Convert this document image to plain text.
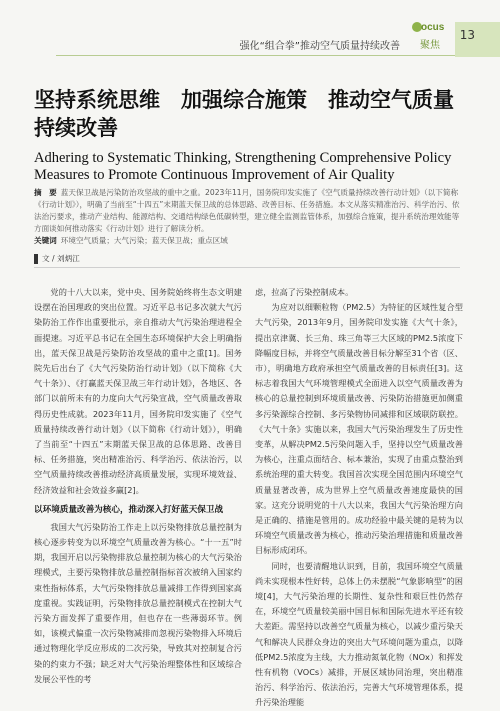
强化“组合拳”推动空气质量持续改善
ocus
聚焦
13
坚持系统思维　加强综合施策　推动空气质量持续改善
Adhering to Systematic Thinking, Strengthening Comprehensive Policy Measures to Promote Continuous Improvement of Air Quality
摘　要 蓝天保卫战是污染防治攻坚战的重中之重。2023年11月，国务院印发实施了《空气质量持续改善行动计划》（以下简称《行动计划》），明确了当前至“十四五”末期蓝天保卫战的总体思路、改善目标、任务措施。本文从落实精准治污、科学治污、依法治污要求，推动产业结构、能源结构、交通结构绿色低碳转型，建立健全监测监管体系，加强综合施策，提升系统治理效能等方面谈如何推动落实《行动计划》进行了解读分析。
关键词 环境空气质量；大气污染；蓝天保卫战；重点区域
文 / 刘炳江

党的十八大以来，党中央、国务院始终将生态文明建设摆在治国理政的突出位置。习近平总书记多次就大气污染防治工作作出重要批示，亲自推动大气污染治理进程全面提速。习近平总书记在全国生态环境保护大会上明确指出，蓝天保卫战是污染防治攻坚战的重中之重[1]。国务院先后出台了《大气污染防治行动计划》（以下简称《大气十条》）、《打赢蓝天保卫战三年行动计划》，各地区、各部门以前所未有的力度向大气污染宣战，空气质量改善取得历史性成就。2023年11月，国务院印发实施了《空气质量持续改善行动计划》（以下简称《行动计划》），明确了当前至“十四五”末期蓝天保卫战的总体思路、改善目标、任务措施，突出精准治污、科学治污、依法治污，以空气质量持续改善推动经济高质量发展，实现环境效益、经济效益和社会效益多赢[2]。

以环境质量改善为核心，推动深入打好蓝天保卫战

我国大气污染防治工作走上以污染物排放总量控制为核心逐步转变为以环境空气质量改善为核心。“十一五”时期，我国开启以污染物排放总量控制为核心的大气污染治理模式，主要污染物排放总量控制指标首次被纳入国家约束性指标体系，大气污染物排放总量减排工作得到国家高度重视。实践证明，污染物排放总量控制模式在控制大气污染方面发挥了重要作用，但也存在一些薄弱环节。例如，该模式偏重一次污染物减排而忽视污染物排入环境后通过物理化学反应形成的二次污染，导致其对控制复合污染的约束力不强；缺乏对大气污染治理整体性和区域综合发展公平性的考

虑，拉高了污染控制成本。

为应对以细颗粒物（PM2.5）为特征的区域性复合型大气污染，2013年9月，国务院印发实施《大气十条》，提出京津冀、长三角、珠三角等三大区域的PM2.5浓度下降幅度目标，并将空气质量改善目标分解至31个省（区、市），明确地方政府承担空气质量改善的目标责任[3]。这标志着我国大气环境管理模式全面进入以空气质量改善为核心的总量控制到环境质量改善、污染防治措施更加侧重多污染源综合控制、多污染物协同减排和区域联防联控。《大气十条》实施以来，我国大气污染治理发生了历史性变革，从解决PM2.5污染问题入手，坚持以空气质量改善为核心，注重点面结合、标本兼治，实现了由重点整治到系统治理的重大转变。我国首次实现全国范围内环境空气质量显著改善，成为世界上空气质量改善速度最快的国家。这充分说明党的十八大以来，我国大气污染治理方向是正确的、措施是管用的。成功经验中最关键的是转为以环境空气质量改善为核心，推动污染治理措施和质量改善目标形成闭环。

同时，也要清醒地认识到，目前，我国环境空气质量尚未实现根本性好转，总体上仍未摆脱“气象影响型”的困境[4]，大气污染治理的长期性、复杂性和艰巨性仍然存在，环境空气质量较美丽中国目标和国际先进水平还有较大差距。需坚持以改善空气质量为核心，以减少重污染天气和解决人民群众身边的突出大气环境问题为重点，以降低PM2.5浓度为主线，大力推动氮氧化物（NOx）和挥发性有机物（VOCs）减排，开展区域协同治理，突出精准治污、科学治污、依法治污，完善大气环境管理体系，提升污染治理能
